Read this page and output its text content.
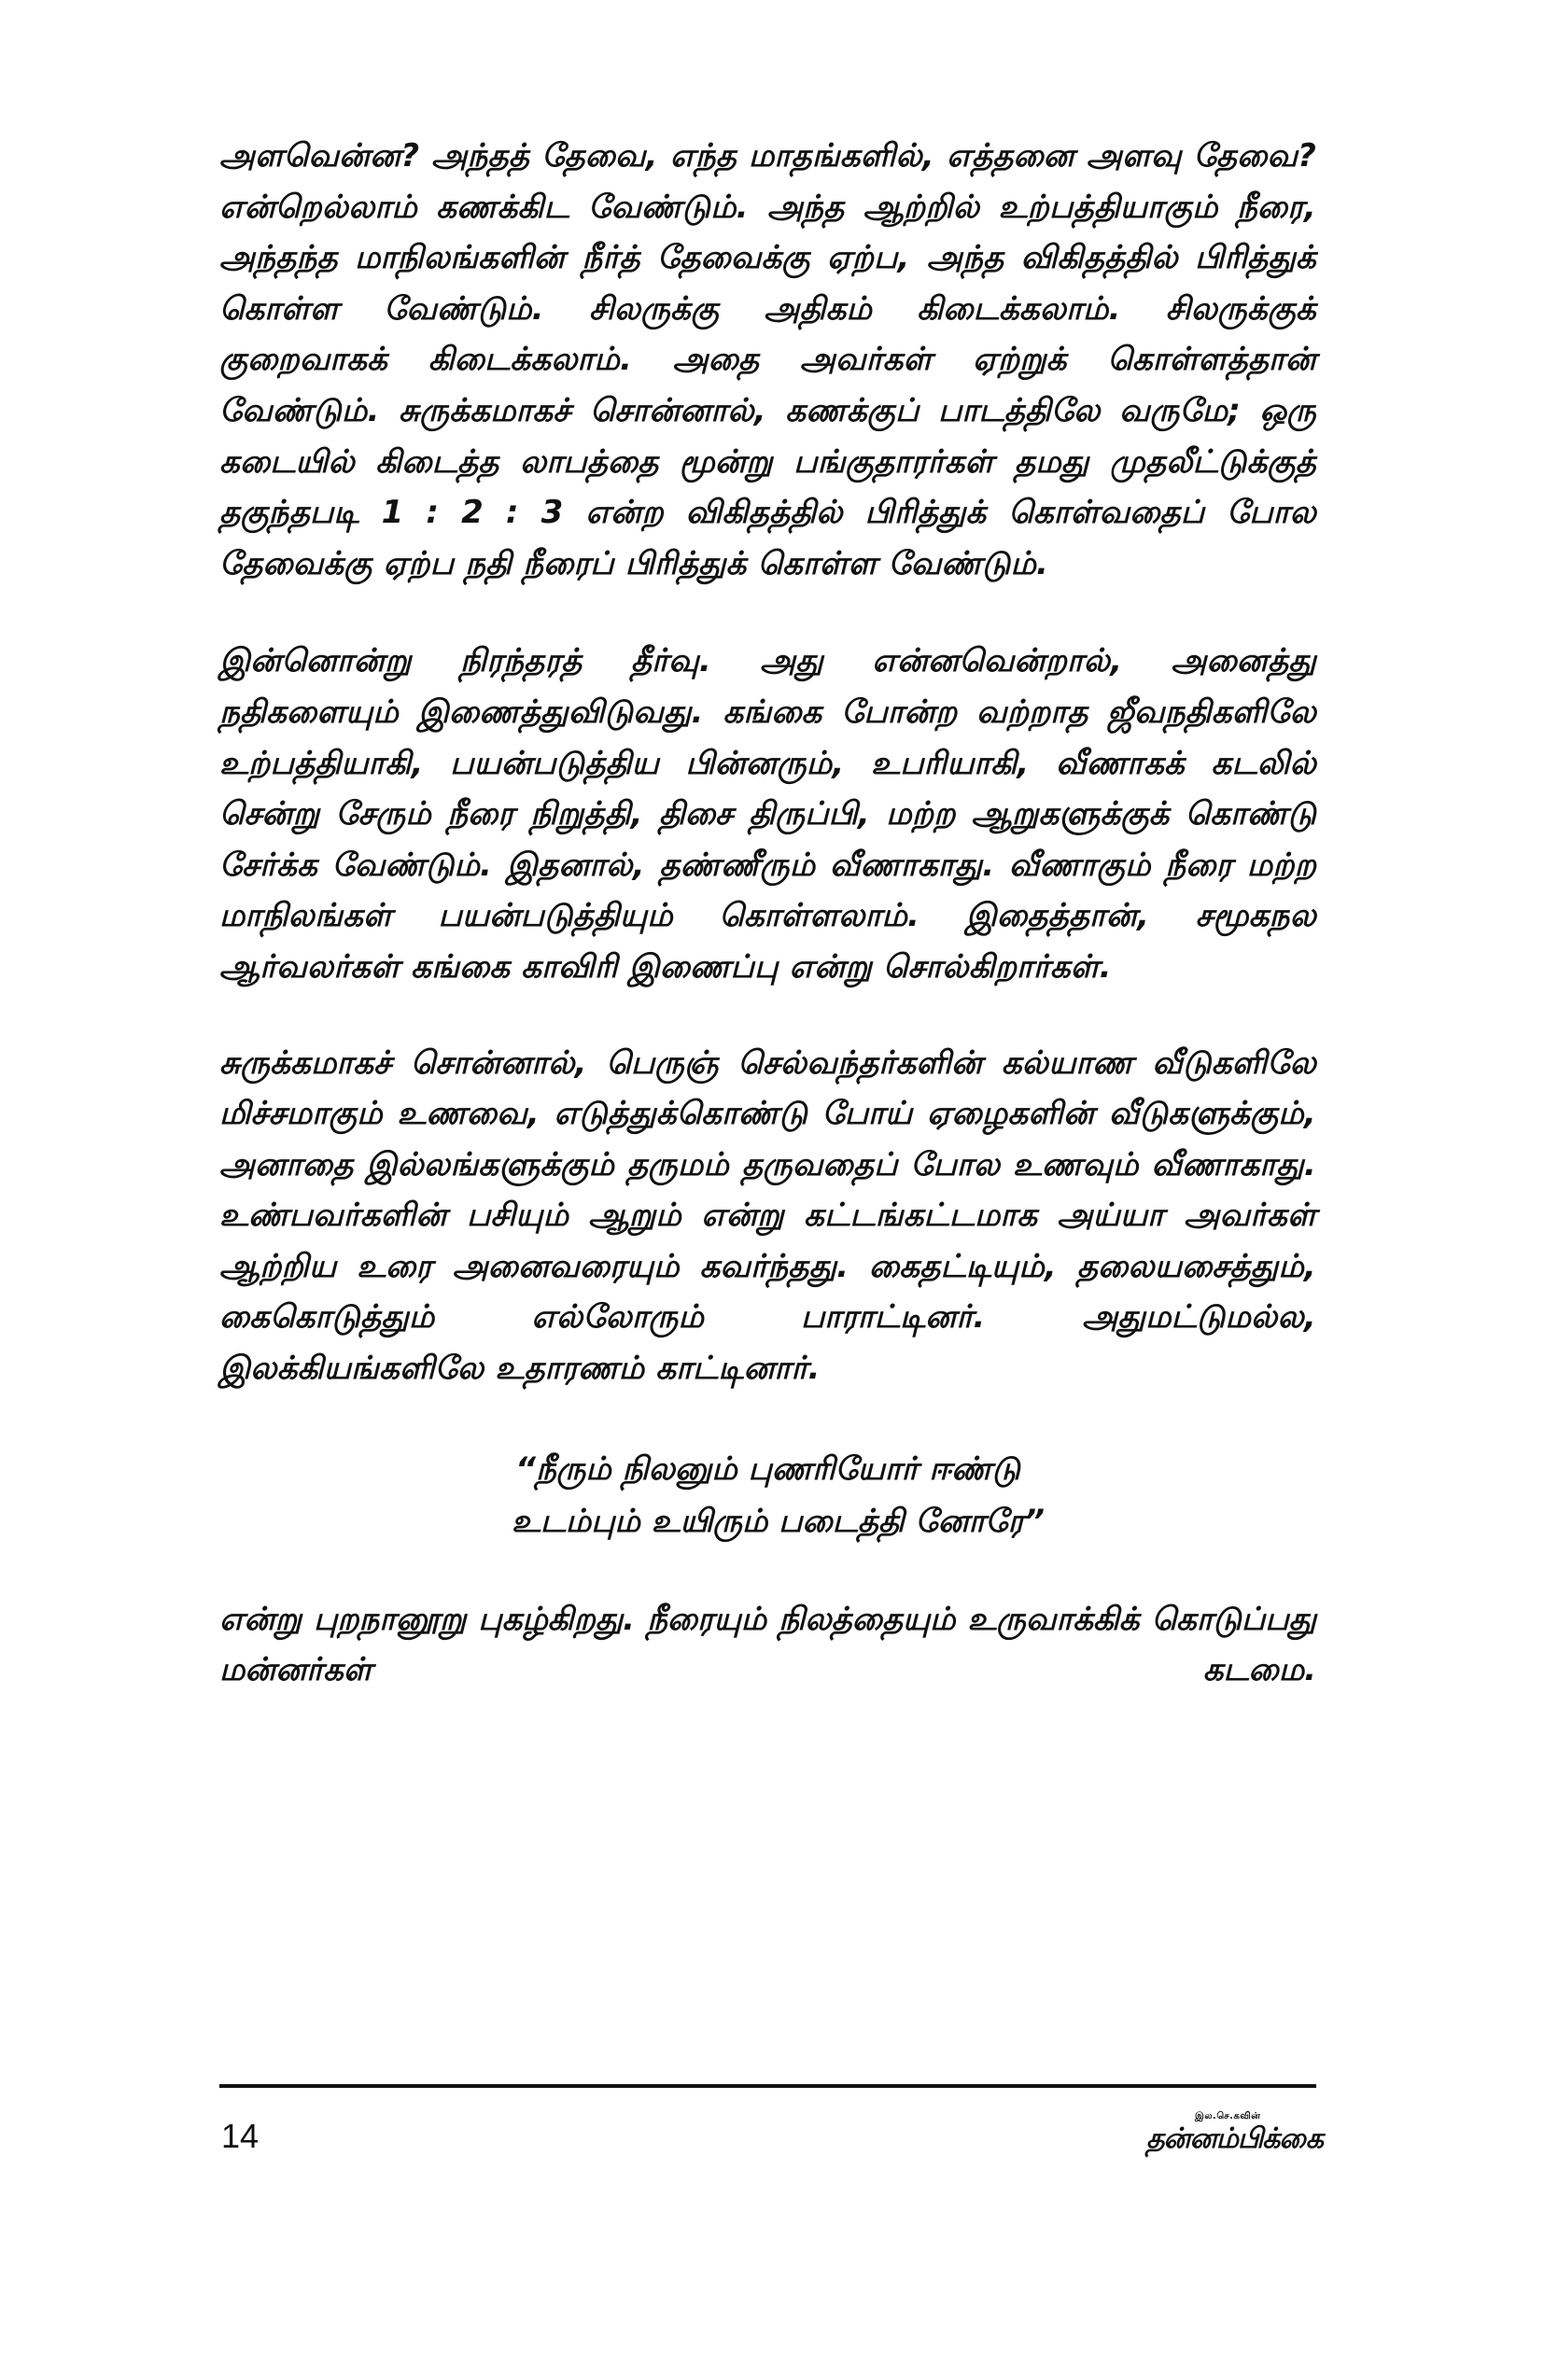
அளவென்ன? அந்தத் தேவை, எந்த மாதங்களில், எத்தனை அளவு தேவை? என்றெல்லாம் கணக்கிட வேண்டும். அந்த ஆற்றில் உற்பத்தியாகும் நீரை, அந்தந்த மாநிலங்களின் நீர்த் தேவைக்கு ஏற்ப, அந்த விகிதத்தில் பிரித்துக் கொள்ள வேண்டும். சிலருக்கு அதிகம் கிடைக்கலாம். சிலருக்குக் குறைவாகக் கிடைக்கலாம். அதை அவர்கள் ஏற்றுக் கொள்ளத்தான் வேண்டும். சுருக்கமாகச் சொன்னால், கணக்குப் பாடத்திலே வருமே; ஒரு கடையில் கிடைத்த லாபத்தை மூன்று பங்குதாரர்கள் தமது முதலீட்டுக்குத் தகுந்தபடி 1 : 2 : 3 என்ற விகிதத்தில் பிரித்துக் கொள்வதைப் போல தேவைக்கு ஏற்ப நதி நீரைப் பிரித்துக் கொள்ள வேண்டும்.

இன்னொன்று நிரந்தரத் தீர்வு. அது என்னவென்றால், அனைத்து நதிகளையும் இணைத்துவிடுவது. கங்கை போன்ற வற்றாத ஜீவநதிகளிலே உற்பத்தியாகி, பயன்படுத்திய பின்னரும், உபரியாகி, வீணாகக் கடலில் சென்று சேரும் நீரை நிறுத்தி, திசை திருப்பி, மற்ற ஆறுகளுக்குக் கொண்டு சேர்க்க வேண்டும். இதனால், தண்ணீரும் வீணாகாது. வீணாகும் நீரை மற்ற மாநிலங்கள் பயன்படுத்தியும் கொள்ளலாம். இதைத்தான், சமூகநல ஆர்வலர்கள் கங்கை காவிரி இணைப்பு என்று சொல்கிறார்கள்.

சுருக்கமாகச் சொன்னால், பெருஞ் செல்வந்தர்களின் கல்யாண வீடுகளிலே மிச்சமாகும் உணவை, எடுத்துக்கொண்டு போய் ஏழைகளின் வீடுகளுக்கும், அனாதை இல்லங்களுக்கும் தருமம் தருவதைப் போல உணவும் வீணாகாது. உண்பவர்களின் பசியும் ஆறும் என்று கட்டங்கட்டமாக அய்யா அவர்கள் ஆற்றிய உரை அனைவரையும் கவர்ந்தது. கைதட்டியும், தலையசைத்தும், கைகொடுத்தும் எல்லோரும் பாராட்டினர். அதுமட்டுமல்ல, இலக்கியங்களிலே உதாரணம் காட்டினார்.

“நீரும் நிலனும் புணரியோர் ஈண்டு
உடம்பும் உயிரும் படைத்தி னோரே”

என்று புறநானூறு புகழ்கிறது. நீரையும் நிலத்தையும் உருவாக்கிக் கொடுப்பது மன்னர்கள் கடமை.

14
இல.செ.கவின்
தன்னம்பிக்கை
